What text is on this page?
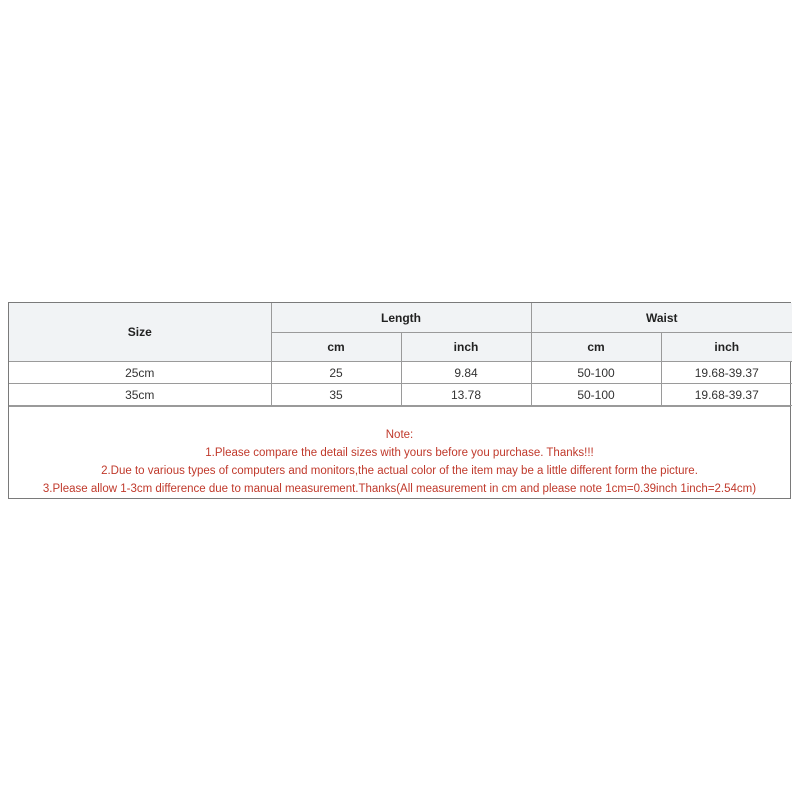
Size	Length		Waist	
	cm	inch	cm	inch
25cm	25	9.84	50-100	19.68-39.37
35cm	35	13.78	50-100	19.68-39.37
Note:
1.Please compare the detail sizes with yours before you purchase. Thanks!!!
2.Due to various types of computers and monitors,the actual color of the item may be a little different form the picture.
3.Please allow 1-3cm difference due to manual measurement.Thanks(All measurement in cm and please note 1cm=0.39inch 1inch=2.54cm)
